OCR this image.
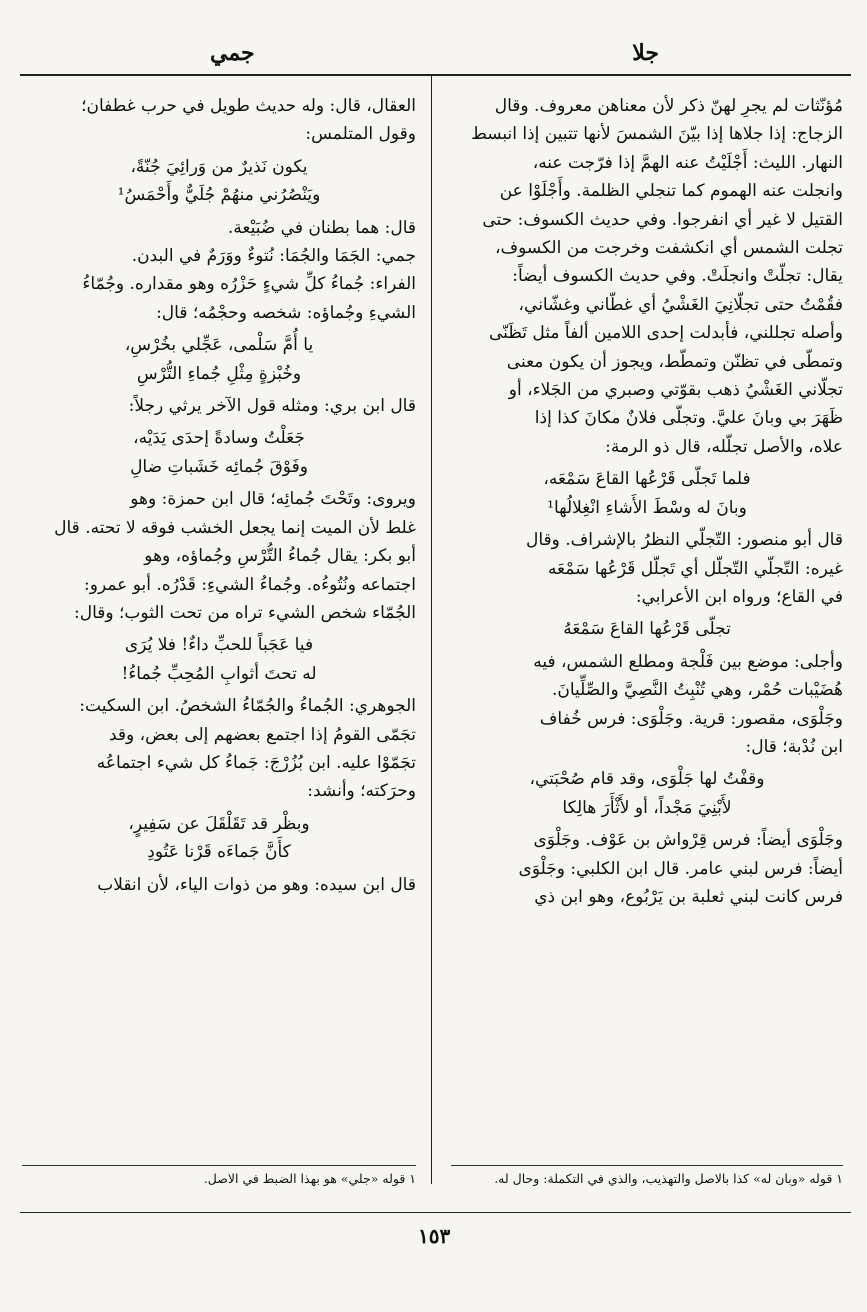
جلا
جمي

مُؤنّثات لم يجرِ لهنّ ذكر لأن معناهن معروف. وقال

الزجاج: إذا جلاها إذا بيّنَ الشمسَ لأنها تتبين إذا انبسط

النهار. الليث: أَجْلَيْتُ عنه الهمَّ إذا فرّجت عنه،

وانجلت عنه الهموم كما تنجلي الظلمة. وأَجْلَوْا عن

القتيل لا غير أي انفرجوا. وفي حديث الكسوف: حتى

تجلت الشمس أي انكشفت وخرجت من الكسوف،

يقال: تجلّتْ وانجلَتْ. وفي حديث الكسوف أيضاً:

فقُمْتُ حتى تجلّانِيَ الغَشْيُ أي غطّاني وغشّاني،

وأصله تجللني، فأبدلت إحدى اللامين ألفاً مثل تَظَنّى

وتمطّى في تظنّن وتمطّط، ويجوز أن يكون معنى

تجلّاني الغَشْيُ ذهب بقوّتي وصبري من الجَلاء، أو

ظَهَرَ بي وبانَ عليَّ. وتجلّى فلانٌ مكانَ كذا إذا

علاه، والأصل تجلّله، قال ذو الرمة:

فلما تَجلّى قَرْعُها القاعَ سَمْعَه،

وبانَ له وسْطَ الأَشاءِ انْغِلالُها¹

قال أبو منصور: التّجلّي النظرُ بالإشراف. وقال

غيره: التّجلّي التّجلّل أي تَجلّل قَرْعُها سَمْعَه

في القاع؛ ورواه ابن الأعرابي:

تجلّى قَرْعُها القاعَ سَمْعَهُ

وأجلى: موضع بين فَلْجة ومطلع الشمس، فيه

هُضَيْبات حُمْر، وهي تُنْبِتُ النَّصِيَّ والصِّلِّيانَ.

وجَلْوَى، مقصور: قرية. وجَلْوَى: فرس خُفاف

ابن نُدْبة؛ قال:

وقفْتُ لها جَلْوَى، وقد قام صُحْبَتي،

لأَبْنِيَ مَجْداً، أو لأَثْأَرَ هالِكا

وجَلْوَى أيضاً: فرس قِرْواش بن عَوْف. وجَلْوَى

أيضاً: فرس لبني عامر. قال ابن الكلبي: وجَلْوَى

فرس كانت لبني ثعلبة بن يَرْبُوع، وهو ابن ذي

العقال، قال: وله حديث طويل في حرب غطفان؛

وقول المتلمس:

يكون نَذيرٌ من وَرائِيَ جُنّةً،

ويَنْصُرُني منهُمْ جُلَيٌّ وأَحْمَسُ¹

قال: هما بطنان في ضُبَيْعة.

جمي: الجَمَا والجُمَا: نُتوءٌ ووَرَمٌ في البدن.

الفراء: جُماءُ كلِّ شيءٍ حَزْرُه وهو مقداره. وجُمّاءُ

الشيءِ وجُماؤه: شخصه وحجْمُه؛ قال:

يا أُمَّ سَلْمى، عَجِّلي بخُرْسِ،

وخُبْزةٍ مِثْلِ جُماءِ التُّرْسِ

قال ابن بري: ومثله قول الآخر يرثي رجلاً:

جَعَلْتُ وسادةً إحدَى يَدَيْه،

وفَوْقَ جُمائِه خَشَباتِ ضالِ

ويروى: وتَحْتَ جُمائِه؛ قال ابن حمزة: وهو

غلط لأن الميت إنما يجعل الخشب فوقه لا تحته. قال

أبو بكر: يقال جُماءُ التُّرْسِ وجُماؤه، وهو

اجتماعه ونُتُوءُه. وجُماءُ الشيءِ: قَدْرُه. أبو عمرو:

الجُمّاء شخص الشيء تراه من تحت الثوب؛ وقال:

فيا عَجَباً للحبِّ داءٌ! فلا يُرَى

له تحتَ أثوابِ المُحِبِّ جُماءُ!

الجوهري: الجُماءُ والجُمّاءُ الشخصُ. ابن السكيت:

تجَمّى القومُ إذا اجتمع بعضهم إلى بعض، وقد

تجَمّوْا عليه. ابن بُزُرْجَ: جَماءُ كل شيء اجتماعُه

وحرَكته؛ وأنشد:

وبظْر قد تَقَلْقَلَ عن سَفِيرٍ،

كأَنَّ جَماءَه قَرْنا عَتُودِ

قال ابن سيده: وهو من ذوات الياء، لأن انقلاب

١ قوله «وبان له» كذا بالاصل والتهذيب، والذي في التكملة: وحال له.
١ قوله «جلي» هو بهذا الضبط في الاصل.
١٥٣
